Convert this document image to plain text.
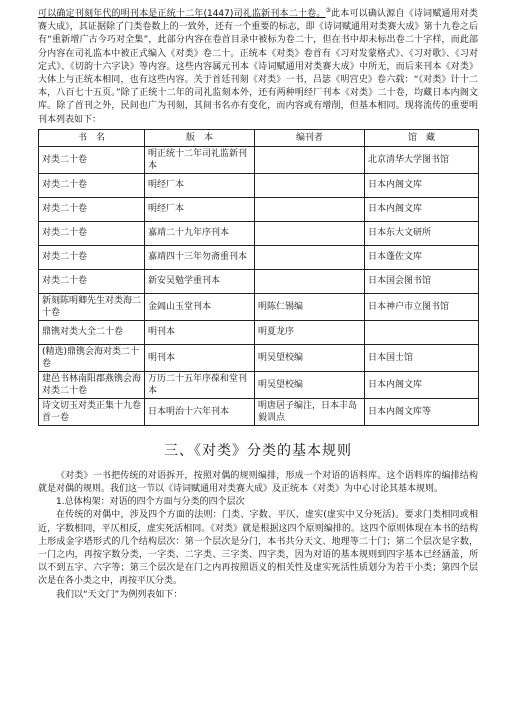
可以确定刊刻年代的明刊本是正统十二年(1447)司礼监新刊本二十卷。③此本可以确认源自《诗词赋通用对类赛大成》，其证据除了门类卷数上的一致外，还有一个重要的标志，即《诗词赋通用对类赛大成》第十九卷之后有“重新增广古今巧对全集”，此部分内容在卷首目录中被标为卷二十，但在书中却未标出卷二十字样，而此部分内容在司礼监本中被正式编入《对类》卷二十。正统本《对类》卷首有《习对发蒙格式》、《习对歌》、《习对定式》、《切韵十六字诀》等内容。这些内容属元刊本《诗词赋通用对类赛大成》中所无，而后来刊本《对类》大体上与正统本相同，也有这些内容。关于首廷刊刻《对类》一书，吕毖《明宫史》卷六载：“《对类》计十二本，八百七十五页。”除了正统十二年的司礼监刻本外，还有两种明经厂刊本《对类》二十卷，均藏日本内阁文库。除了首刊之外，民间也广为刊刻，其间书名亦有变化，而内容或有增削，但基本相同。现将流传的重要明刊本列表如下：

书　名	版　本	编刊者	馆　藏
对类二十卷	明正统十二年司礼监新刊本		北京清华大学图书馆
对类二十卷	明经厂本		日本内阁文库
对类二十卷	明经厂本		日本内阁文库
对类二十卷	嘉靖二十九年序刊本		日本东大文研所
对类二十卷	嘉靖四十三年勿斋重刊本		日本蓬佐文库
对类二十卷	新安吴勉学重刊本		日本国会图书馆
新刻陈明卿先生对类海二十卷	金阊山玉堂刊本	明陈仁锡编	日本神户市立图书馆
鼎镌对类大全二十卷	明刊本	明夏龙序	
(精选)鼎镌会海对类二十卷	明刊本	明吴望校编	日本国士馆
建邑书林南阳郡燕镌会海对类二十卷	万历二十五年序葆和堂刊本	明吴望校编	日本内阁文库
诗文切玉对类正集十九卷　首一卷	日本明治十六年刊本	明唐居子编注，日本丰岛毅训点	日本内阁文库等
三、《对类》分类的基本规则

《对类》一书把传统的对语拆开，按照对偶的规则编排，形成一个对语的语料库。这个语料库的编排结构就是对偶的规则。我们这一节以《诗词赋通用对类赛大成》及正统本《对类》为中心讨论其基本规则。

1.总体构架：对语的四个方面与分类的四个层次

在传统的对偶中，涉及四个方面的法则：门类、字数、平仄、虚实(虚实中又分死活)。要求门类相同或相近，字数相同，平仄相反，虚实死活相同。《对类》就是根据这四个原则编排的。这四个原则体现在本书的结构上形成金字塔形式的几个结构层次：第一个层次是分门，本书共分天文、地理等二十门；第二个层次是字数，一门之内，再按字数分类，一字类、二字类、三字类、四字类，因为对语的基本规则到四字基本已经涵盖，所以不到五字、六字等；第三个层次是在门之内再按照语义的相关性及虚实死活性质划分为若干小类；第四个层次是在各小类之中，再按平仄分类。

我们以“天文门”为例列表如下：
